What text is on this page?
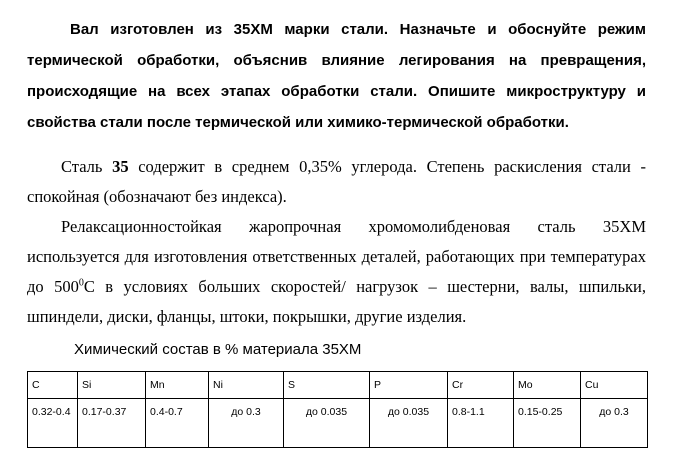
Вал изготовлен из 35ХМ марки стали. Назначьте и обоснуйте режим термической обработки, объяснив влияние легирования на превращения, происходящие на всех этапах обработки стали. Опишите микроструктуру и свойства стали после термической или химико-термической обработки.

Сталь 35 содержит в среднем 0,35% углерода. Степень раскисления стали - спокойная (обозначают без индекса).

Релаксационностойкая жаропрочная хромомолибденовая сталь 35ХМ используется для изготовления ответственных деталей, работающих при температурах до $500^0С$ в условиях больших скоростей/ нагрузок – шестерни, валы, шпильки, шпиндели, диски, фланцы, штоки, покрышки, другие изделия.

Химический состав в % материала 35ХМ

C	Si	Mn	Ni	S	P	Cr	Mo	Cu
0.32-0.4	0.17-0.37	0.4-0.7	до 0.3	до 0.035	до 0.035	0.8-1.1	0.15-0.25	до 0.3
